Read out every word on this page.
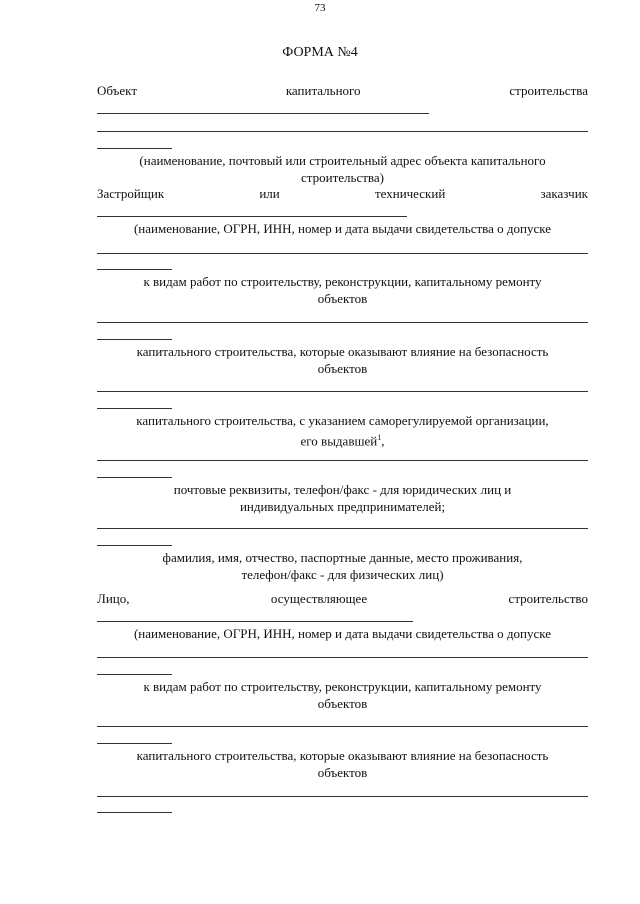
73
ФОРМА №4
Объект	капитального	строительства
(наименование, почтовый или строительный адрес объекта капитального
строительства)
Застройщик	или	технический	заказчик
(наименование, ОГРН, ИНН, номер и дата выдачи свидетельства о допуске
к видам работ по строительству, реконструкции, капитальному ремонту
объектов
капитального строительства, которые оказывают влияние на безопасность
объектов
капитального строительства, с указанием саморегулируемой организации,
его выдавшей$^1$,
почтовые реквизиты, телефон/факс - для юридических лиц и
индивидуальных предпринимателей;
фамилия, имя, отчество, паспортные данные, место проживания,
телефон/факс - для физических лиц)
Лицо,	осуществляющее	строительство
(наименование, ОГРН, ИНН, номер и дата выдачи свидетельства о допуске
к видам работ по строительству, реконструкции, капитальному ремонту
объектов
капитального строительства, которые оказывают влияние на безопасность
объектов
